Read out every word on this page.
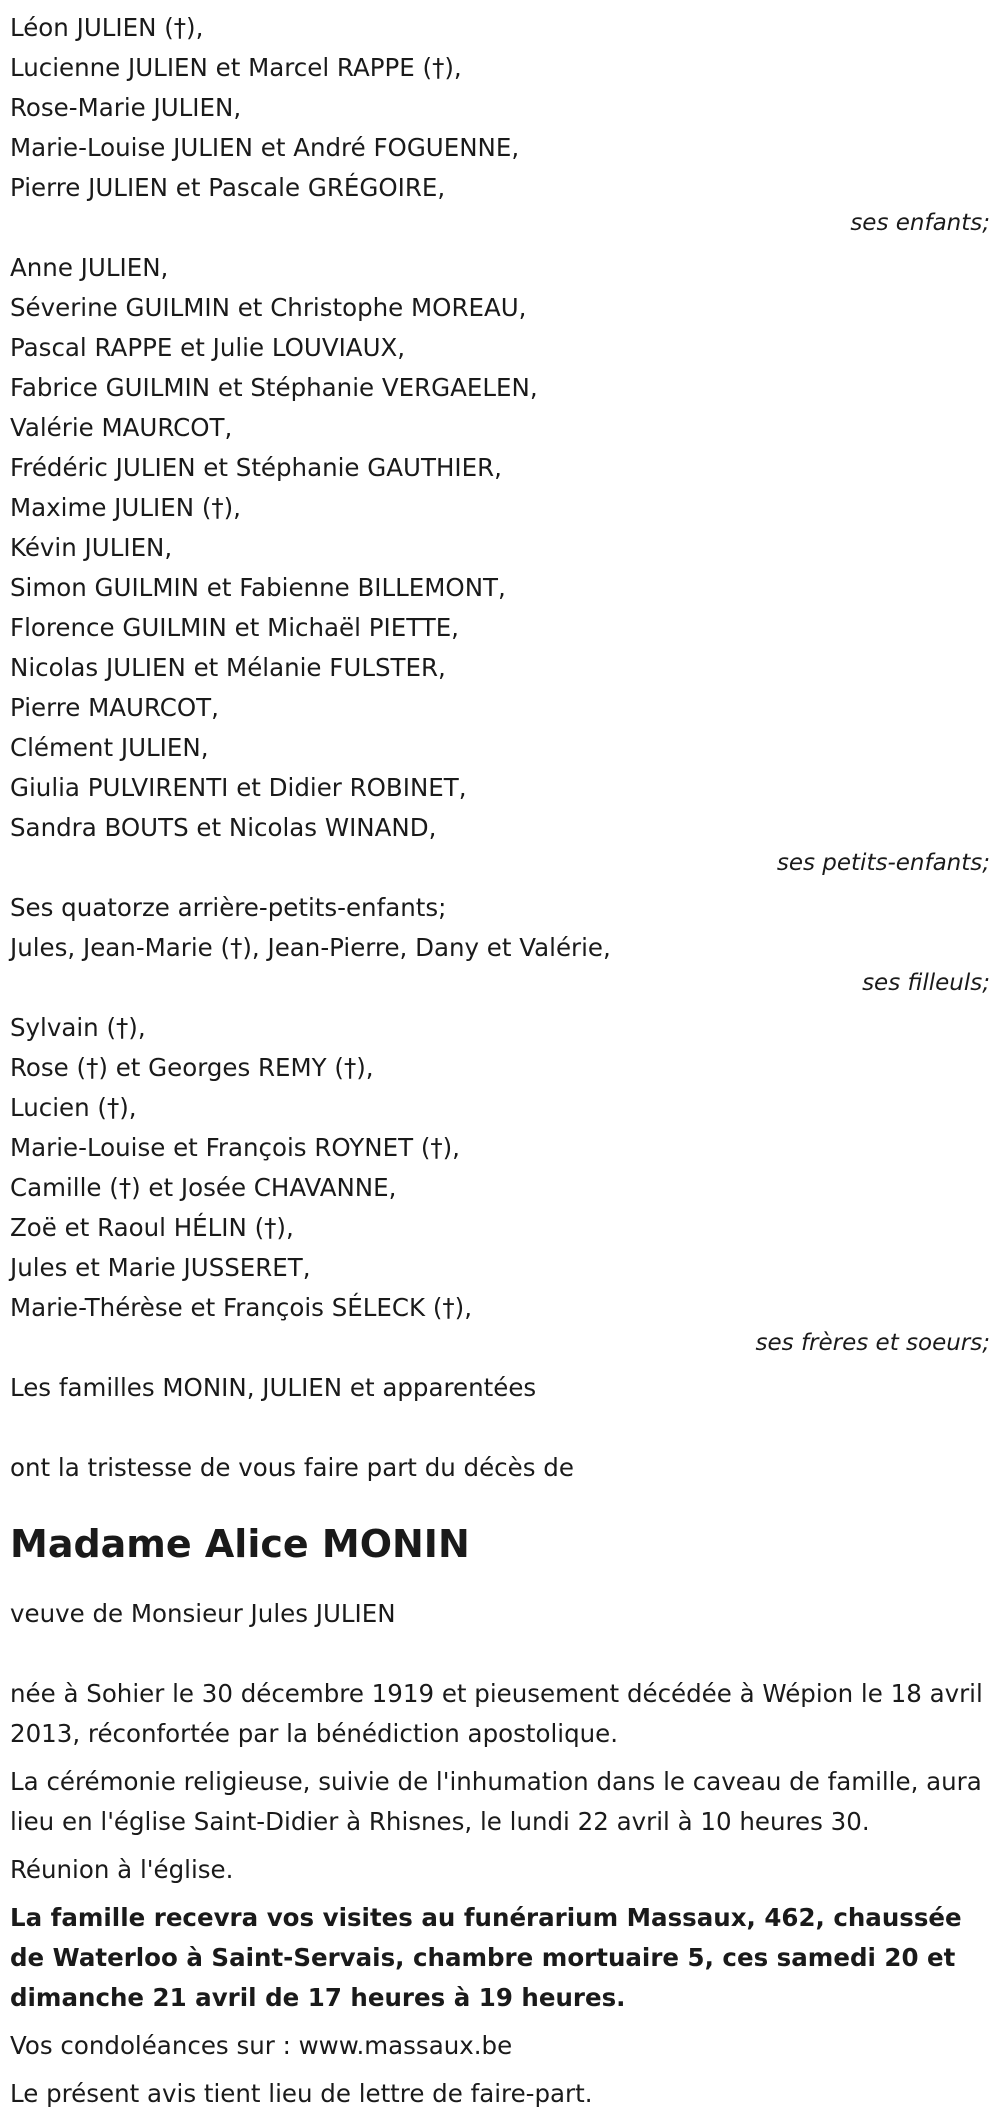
Léon JULIEN (†),
Lucienne JULIEN et Marcel RAPPE (†),
Rose-Marie JULIEN,
Marie-Louise JULIEN et André FOGUENNE,
Pierre JULIEN et Pascale GRÉGOIRE,
ses enfants;
Anne JULIEN,
Séverine GUILMIN et Christophe MOREAU,
Pascal RAPPE et Julie LOUVIAUX,
Fabrice GUILMIN et Stéphanie VERGAELEN,
Valérie MAURCOT,
Frédéric JULIEN et Stéphanie GAUTHIER,
Maxime JULIEN (†),
Kévin JULIEN,
Simon GUILMIN et Fabienne BILLEMONT,
Florence GUILMIN et Michaël PIETTE,
Nicolas JULIEN et Mélanie FULSTER,
Pierre MAURCOT,
Clément JULIEN,
Giulia PULVIRENTI et Didier ROBINET,
Sandra BOUTS et Nicolas WINAND,
ses petits-enfants;
Ses quatorze arrière-petits-enfants;
Jules, Jean-Marie (†), Jean-Pierre, Dany et Valérie,
ses filleuls;
Sylvain (†),
Rose (†) et Georges REMY (†),
Lucien (†),
Marie-Louise et François ROYNET (†),
Camille (†) et Josée CHAVANNE,
Zoë et Raoul HÉLIN (†),
Jules et Marie JUSSERET,
Marie-Thérèse et François SÉLECK (†),
ses frères et soeurs;
Les familles MONIN, JULIEN et apparentées
ont la tristesse de vous faire part du décès de
Madame Alice MONIN
veuve de Monsieur Jules JULIEN
née à Sohier le 30 décembre 1919 et pieusement décédée à Wépion le 18 avril 2013, réconfortée par la bénédiction apostolique.
La cérémonie religieuse, suivie de l'inhumation dans le caveau de famille, aura lieu en l'église Saint-Didier à Rhisnes, le lundi 22 avril à 10 heures 30.
Réunion à l'église.
La famille recevra vos visites au funérarium Massaux, 462, chaussée de Waterloo à Saint-Servais, chambre mortuaire 5, ces samedi 20 et dimanche 21 avril de 17 heures à 19 heures.
Vos condoléances sur : www.massaux.be
Le présent avis tient lieu de lettre de faire-part.
